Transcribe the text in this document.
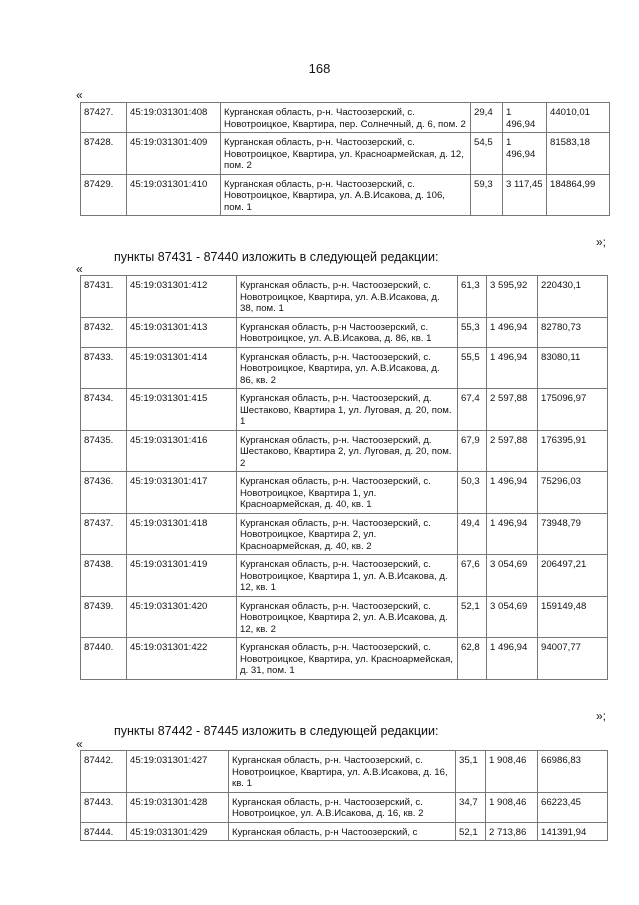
168
«
87427.	45:19:031301:408	Курганская область, р-н. Частоозерский, с. Новотроицкое, Квартира, пер. Солнечный, д. 6, пом. 2	29,4	1 496,94	44010,01
87428.	45:19:031301:409	Курганская область, р-н. Частоозерский, с. Новотроицкое, Квартира, ул. Красноармейская, д. 12, пом. 2	54,5	1 496,94	81583,18
87429.	45:19:031301:410	Курганская область, р-н. Частоозерский, с. Новотроицкое, Квартира, ул. А.В.Исакова, д. 106, пом. 1	59,3	3 117,45	184864,99
»;
пункты 87431 - 87440 изложить в следующей редакции:
«
87431.	45:19:031301:412	Курганская область, р-н. Частоозерский, с. Новотроицкое, Квартира, ул. А.В.Исакова, д. 38, пом. 1	61,3	3 595,92	220430,1
87432.	45:19:031301:413	Курганская область, р-н Частоозерский, с. Новотроицкое, ул. А.В.Исакова, д. 86, кв. 1	55,3	1 496,94	82780,73
87433.	45:19:031301:414	Курганская область, р-н. Частоозерский, с. Новотроицкое, Квартира, ул. А.В.Исакова, д. 86, кв. 2	55,5	1 496,94	83080,11
87434.	45:19:031301:415	Курганская область, р-н. Частоозерский, д. Шестаково, Квартира 1, ул. Луговая, д. 20, пом. 1	67,4	2 597,88	175096,97
87435.	45:19:031301:416	Курганская область, р-н. Частоозерский, д. Шестаково, Квартира 2, ул. Луговая, д. 20, пом. 2	67,9	2 597,88	176395,91
87436.	45:19:031301:417	Курганская область, р-н. Частоозерский, с. Новотроицкое, Квартира 1, ул. Красноармейская, д. 40, кв. 1	50,3	1 496,94	75296,03
87437.	45:19:031301:418	Курганская область, р-н. Частоозерский, с. Новотроицкое, Квартира 2, ул. Красноармейская, д. 40, кв. 2	49,4	1 496,94	73948,79
87438.	45:19:031301:419	Курганская область, р-н. Частоозерский, с. Новотроицкое, Квартира 1, ул. А.В.Исакова, д. 12, кв. 1	67,6	3 054,69	206497,21
87439.	45:19:031301:420	Курганская область, р-н. Частоозерский, с. Новотроицкое, Квартира 2, ул. А.В.Исакова, д. 12, кв. 2	52,1	3 054,69	159149,48
87440.	45:19:031301:422	Курганская область, р-н. Частоозерский, с. Новотроицкое, Квартира, ул. Красноармейская, д. 31, пом. 1	62,8	1 496,94	94007,77
»;
пункты 87442 - 87445 изложить в следующей редакции:
«
87442.	45:19:031301:427	Курганская область, р-н. Частоозерский, с. Новотроицкое, Квартира, ул. А.В.Исакова, д. 16, кв. 1	35,1	1 908,46	66986,83
87443.	45:19:031301:428	Курганская область, р-н. Частоозерский, с. Новотроицкое, ул. А.В.Исакова, д. 16, кв. 2	34,7	1 908,46	66223,45
87444.	45:19:031301:429	Курганская область, р-н Частоозерский, с	52,1	2 713,86	141391,94
